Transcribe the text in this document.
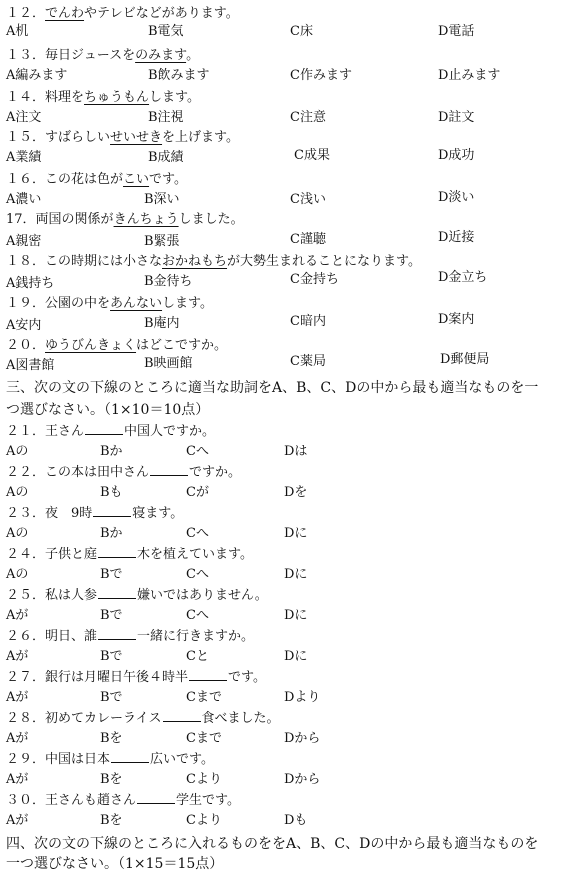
１２．でんわやテレビなどがあります。
A机	B電気	C床	D電話
１３．毎日ジュースをのみます。
A編みます	B飲みます	C作みます	D止みます
１４．料理をちゅうもんします。
A注文	B注視	C注意	D註文
１５．すばらしいせいせきを上げます。
A業績	B成績	C成果	D成功
１６．この花は色がこいです。
A濃い	B深い	C浅い	D淡い
17．両国の関係がきんちょうしました。
A親密	B緊張	C謹聴	D近接
１８．この時期には小さなおかねもちが大勢生まれることになります。
A銭持ち	B金待ち	C金持ち	D金立ち
１９．公園の中をあんないします。
A安内	B庵内	C暗内	D案内
２０．ゆうびんきょくはどこですか。
A図書館	B映画館	C薬局	D郵便局
三、次の文の下線のところに適当な助詞をA、B、C、Dの中から最も適当なものを一
つ選びなさい。（1×10＝10点）
２１．王さん	中国人ですか。
Aの	Bか	Cへ	Dは
２２．この本は田中さん	ですか。
Aの	Bも	Cが	Dを
２３．夜　9時	寝ます。
Aの	Bか	Cへ	Dに
２４．子供と庭	木を植えています。
Aの	Bで	Cへ	Dに
２５．私は人参	嫌いではありません。
Aが	Bで	Cへ	Dに
２６．明日、誰	一緒に行きますか。
Aが	Bで	Cと	Dに
２７．銀行は月曜日午後４時半	です。
Aが	Bで	Cまで	Dより
２８．初めてカレーライス	食べました。
Aが	Bを	Cまで	Dから
２９．中国は日本	広いです。
Aが	Bを	Cより	Dから
３０．王さんも趙さん	学生です。
Aが	Bを	Cより	Dも
四、次の文の下線のところに入れるものををA、B、C、Dの中から最も適当なものを
一つ選びなさい。（1×15＝15点）
